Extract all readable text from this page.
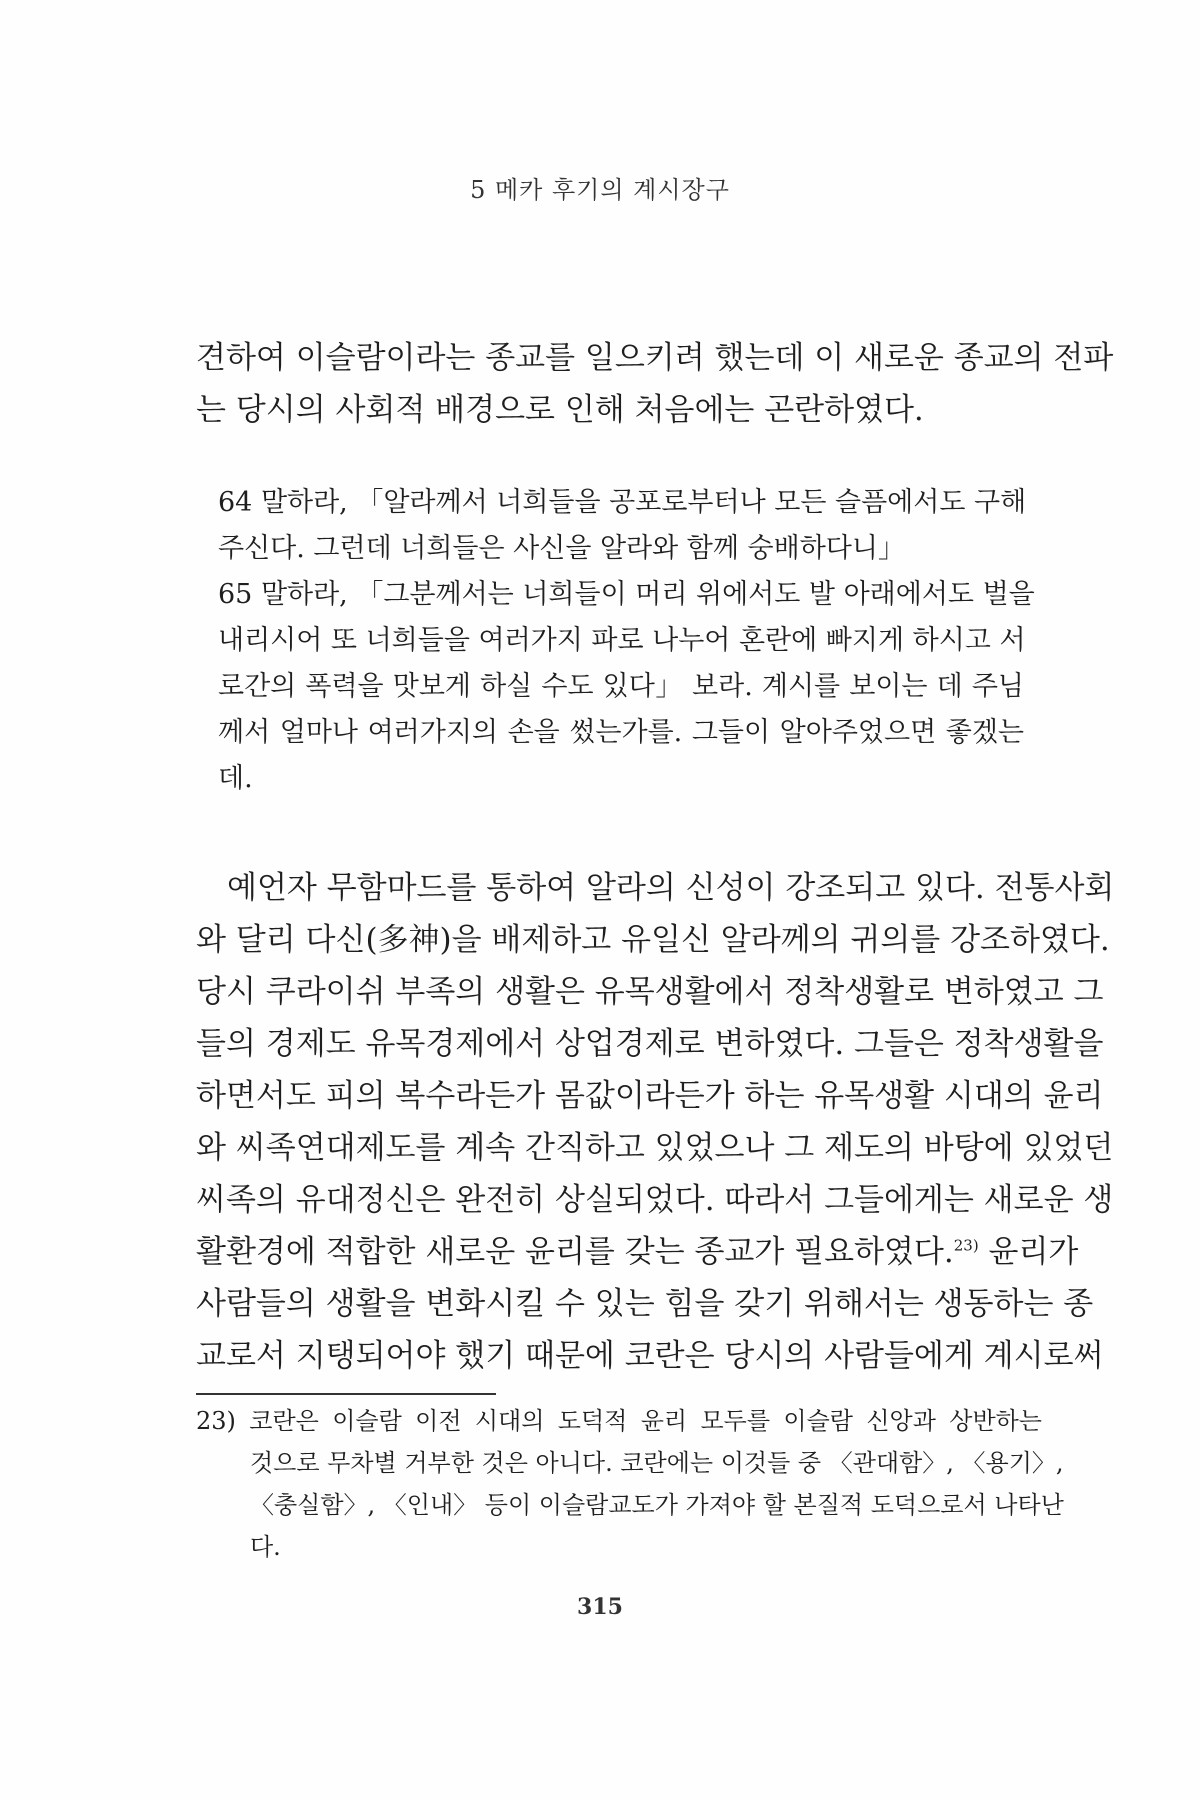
5 메카 후기의 계시장구
견하여 이슬람이라는 종교를 일으키려 했는데 이 새로운 종교의 전파
는 당시의 사회적 배경으로 인해 처음에는 곤란하였다.
64 말하라, 「알라께서 너희들을 공포로부터나 모든 슬픔에서도 구해
주신다. 그런데 너희들은 사신을 알라와 함께 숭배하다니」
65 말하라, 「그분께서는 너희들이 머리 위에서도 발 아래에서도 벌을
내리시어 또 너희들을 여러가지 파로 나누어 혼란에 빠지게 하시고 서
로간의 폭력을 맛보게 하실 수도 있다」 보라. 계시를 보이는 데 주님
께서 얼마나 여러가지의 손을 썼는가를. 그들이 알아주었으면 좋겠는
데.
예언자 무함마드를 통하여 알라의 신성이 강조되고 있다. 전통사회
와 달리 다신(多神)을 배제하고 유일신 알라께의 귀의를 강조하였다.
당시 쿠라이쉬 부족의 생활은 유목생활에서 정착생활로 변하였고 그
들의 경제도 유목경제에서 상업경제로 변하였다. 그들은 정착생활을
하면서도 피의 복수라든가 몸값이라든가 하는 유목생활 시대의 윤리
와 씨족연대제도를 계속 간직하고 있었으나 그 제도의 바탕에 있었던
씨족의 유대정신은 완전히 상실되었다. 따라서 그들에게는 새로운 생
활환경에 적합한 새로운 윤리를 갖는 종교가 필요하였다.$^{23)}$ 윤리가
사람들의 생활을 변화시킬 수 있는 힘을 갖기 위해서는 생동하는 종
교로서 지탱되어야 했기 때문에 코란은 당시의 사람들에게 계시로써
23) 코란은 이슬람 이전 시대의 도덕적 윤리 모두를 이슬람 신앙과 상반하는
것으로 무차별 거부한 것은 아니다. 코란에는 이것들 중 〈관대함〉, 〈용기〉,
〈충실함〉, 〈인내〉 등이 이슬람교도가 가져야 할 본질적 도덕으로서 나타난
다.
315
